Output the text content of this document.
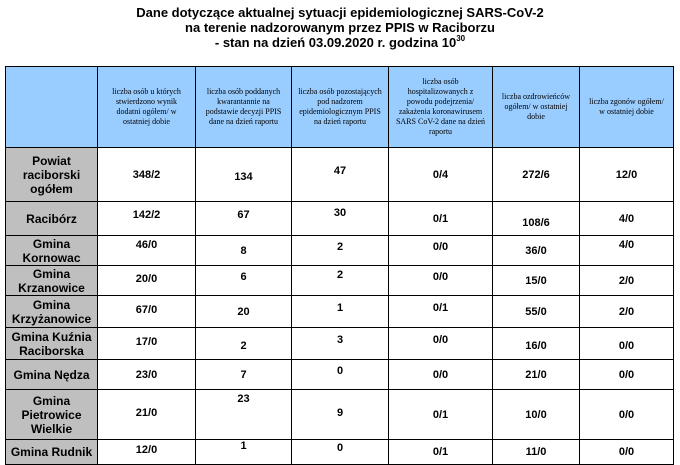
Dane dotyczące aktualnej sytuacji epidemiologicznej SARS-CoV-2
na terenie nadzorowanym przez PPIS w Raciborzu
- stan na dzień 03.09.2020 r. godzina $10^{30}$
	liczba osób u których stwierdzono wynik dodatni ogółem/ w ostatniej dobie	liczba osób poddanych kwarantannie na podstawie decyzji PPIS dane na dzień raportu	liczba osób pozostających pod nadzorem epidemiologicznym PPIS na dzień raportu	liczba osób hospitalizowanych z powodu podejrzenia/ zakażenia koronawirusem SARS CoV-2 dane na dzień raportu	liczba ozdrowieńców ogółem/ w ostatniej dobie	liczba zgonów ogółem/ w ostatniej dobie
Powiat raciborski ogółem	348/2	134	47	0/4	272/6	12/0
Racibórz	142/2	67	30	0/1	108/6	4/0
Gmina Kornowac	46/0	8	2	0/0	36/0	4/0
Gmina Krzanowice	20/0	6	2	0/0	15/0	2/0
Gmina Krzyżanowice	67/0	20	1	0/1	55/0	2/0
Gmina Kuźnia Raciborska	17/0	2	3	0/0	16/0	0/0
Gmina Nędza	23/0	7	0	0/0	21/0	0/0
Gmina Pietrowice Wielkie	21/0	23	9	0/1	10/0	0/0
Gmina Rudnik	12/0	1	0	0/1	11/0	0/0
